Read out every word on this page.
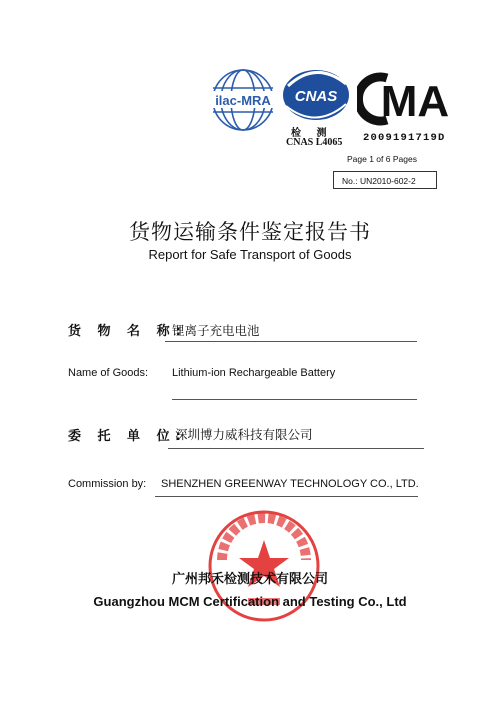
ilac-MRA CNAS
检 测
CNAS L4065
MA
2009191719D
Page 1 of 6 Pages
No.: UN2010-602-2
货物运输条件鉴定报告书
Report for Safe Transport of Goods
货 物 名 称:
锂离子充电电池
Name of Goods: Lithium-ion Rechargeable Battery
委 托 单 位:
深圳博力威科技有限公司
Commission by: SHENZHEN GREENWAY TECHNOLOGY CO., LTD.
广州邦禾检测技术有限公司
Guangzhou MCM Certification and Testing Co., Ltd
